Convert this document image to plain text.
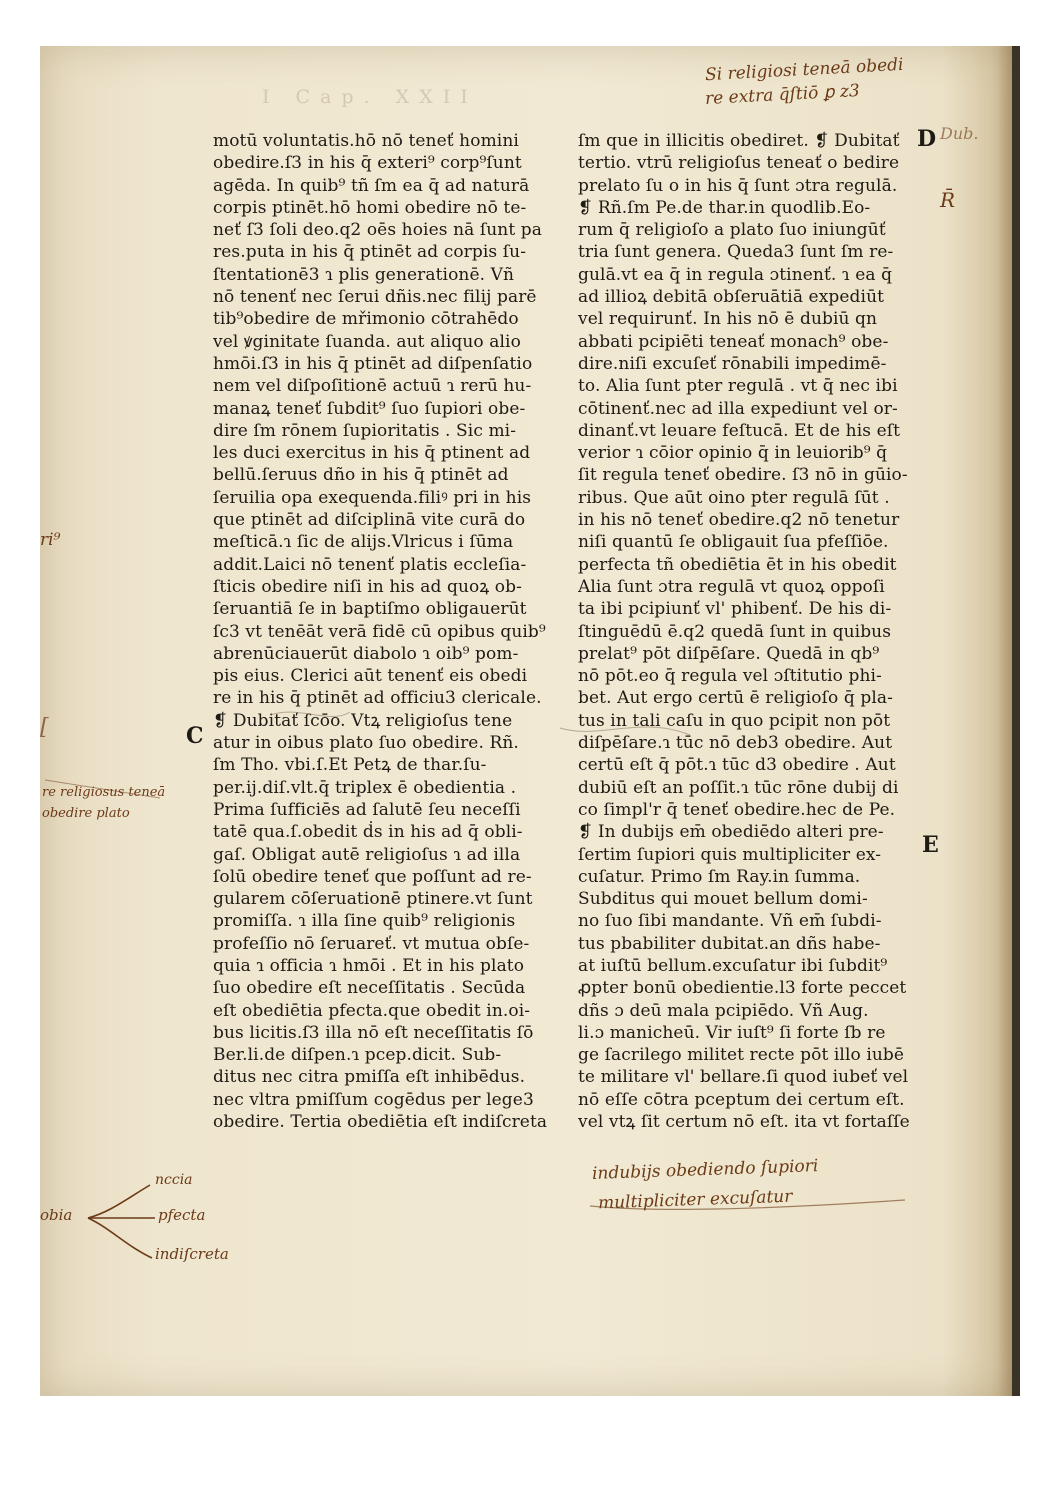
I Cap. XXII
motū voluntatis.hō nō teneť homini
obedire.ſ3 in his q̄ exteri⁹ corp⁹ſunt
agēda. In quib⁹ tñ ſm ea q̄ ad naturā
corpis ptinēt.hō homi obedire nō te-
neť ſ3 ſoli deo.q2 oēs hoies nā ſunt pa
res.puta in his q̄ ptinēt ad corpis ſu-
ſtentationē3 ɿ plis generationē. Vñ
nō tenenť nec ſerui dñis.nec filij parē
tib⁹obedire de mřimonio cōtrahēdo
vel ꝟginitate ſuanda. aut aliquo alio
hmōi.ſ3 in his q̄ ptinēt ad diſpenſatio
nem vel diſpoſitionē actuū ɿ rerū hu-
manaꝝ teneť ſubdit⁹ ſuo ſupiori obe-
dire ſm rōnem ſupioritatis . Sic mi-
les duci exercitus in his q̄ ptinent ad
bellū.ſeruus dño in his q̄ ptinēt ad
ſeruilia opa exequenda.filiꝰ pri in his
que ptinēt ad diſciplinā vite curā do
meſticā.ɿ ſic de alijs.Vlricus i ſūma
addit.Laici nō tenenť platis eccleſia-
ſticis obedire niſi in his ad quoꝝ ob-
ſeruantiā ſe in baptiſmo obligauerūt
ſc3 vt tenēāt verā fidē cū opibus quib⁹
abrenūciauerūt diabolo ɿ oib⁹ pom-
pis eius. Clerici aūt tenenť eis obedi
re in his q̄ ptinēt ad officiu3 clericale.
❡ Dubitať ſcōo. Vtꝝ religioſus tene
atur in oibus plato ſuo obedire. Rñ.
ſm Tho. vbi.ſ.Et Petꝝ de thar.ſu-
per.ij.diſ.vlt.q̄ triplex ē obedientia .
Prima ſufficiēs ad ſalutē ſeu neceſſi
tatē qua.ſ.obedit ḋs in his ad q̄ obli-
gaſ. Obligat autē religioſus ɿ ad illa
ſolū obedire teneť que poſſunt ad re-
gularem cōſeruationē ptinere.vt ſunt
promiſſa. ɿ illa ſine quib⁹ religionis
profeſſio nō ſeruareť. vt mutua obſe-
quia ɿ officia ɿ hmōi . Et in his plato
ſuo obedire eſt neceſſitatis . Secūda
eſt obediētia pfecta.que obedit in.oi-
bus licitis.ſ3 illa nō eſt neceſſitatis ſō
Ber.li.de diſpen.ɿ pcep.dicit. Sub-
ditus nec citra pmiſſa eſt inhibēdus.
nec vltra pmiſſum cogēdus per lege3
obedire. Tertia obediētia eſt indiſcreta
ſm que in illicitis obediret. ❡ Dubitať
tertio. vtrū religioſus teneať o bedire
prelato ſu o in his q̄ ſunt ɔtra regulā.
❡ Rñ.ſm Pe.de thar.in quodlib.Eo-
rum q̄ religioſo a plato ſuo iniungūť
tria ſunt genera. Queda3 ſunt ſm re-
gulā.vt ea q̄ in regula ɔtinenť. ɿ ea q̄
ad illioꝝ debitā obſeruātiā expediūt
vel requirunť. In his nō ē dubiū qn
abbati pcipiēti teneať monach⁹ obe-
dire.niſi excuſeť rōnabili impedimē-
to. Alia ſunt pter regulā . vt q̄ nec ibi
cōtinenť.nec ad illa expediunt vel or-
dinanť.vt leuare feſtucā. Et de his eſt
verior ɿ cōior opinio q̄ in leuiorib⁹ q̄
ſit regula teneť obedire. ſ3 nō in gūio-
ribus. Que aūt oino pter regulā ſūt .
in his nō teneť obedire.q2 nō tenetur
niſi quantū ſe obligauit ſua pfeſſiōe.
perfecta tñ obediētia ēt in his obedit
Alia ſunt ɔtra regulā vt quoꝝ oppoſi
ta ibi pcipiunť vl' phibenť. De his di-
ſtinguēdū ē.q2 quedā ſunt in quibus
prelat⁹ pōt diſpēſare. Quedā in qb⁹
nō pōt.eo q̄ regula vel ɔſtitutio phi-
bet. Aut ergo certū ē religioſo q̄ pla-
tus in tali caſu in quo pcipit non pōt
diſpēſare.ɿ tūc nō deb3 obedire. Aut
certū eſt q̄ pōt.ɿ tūc d3 obedire . Aut
dubiū eſt an poſſit.ɿ tūc rōne dubij di
co ſimpl'r q̄ teneť obedire.hec de Pe.
❡ In dubijs em̄ obediēdo alteri pre-
ſertim ſupiori quis multipliciter ex-
cuſatur. Primo ſm Ray.in ſumma.
Subditus qui mouet bellum domi-
no ſuo ſibi mandante. Vñ em̄ ſubdi-
tus pbabiliter dubitat.an dñs habe-
at iuſtū bellum.excuſatur ibi ſubdit⁹
ꝓpter bonū obedientie.l3 forte peccet
dñs ɔ deū mala pcipiēdo. Vñ Aug.
li.ɔ manicheū. Vir iuſt⁹ ſi forte ſb re
ge ſacrilego militet recte pōt illo iubē
te militare vl' bellare.ſi quod iubeť vel
nō eſſe cōtra pceptum dei certum eſt.
vel vtꝝ ſit certum nō eſt. ita vt fortaſſe
C
D
E
Si religiosi teneā obedi
re extra q̄ſtiō ꝑ z3
Dub.
R̄
ri⁹
[
re religiosus teneā
obedire plato
indubijs obediendo ſupiori
multipliciter excuſatur
obia
nccia
pfecta
indiſcreta
